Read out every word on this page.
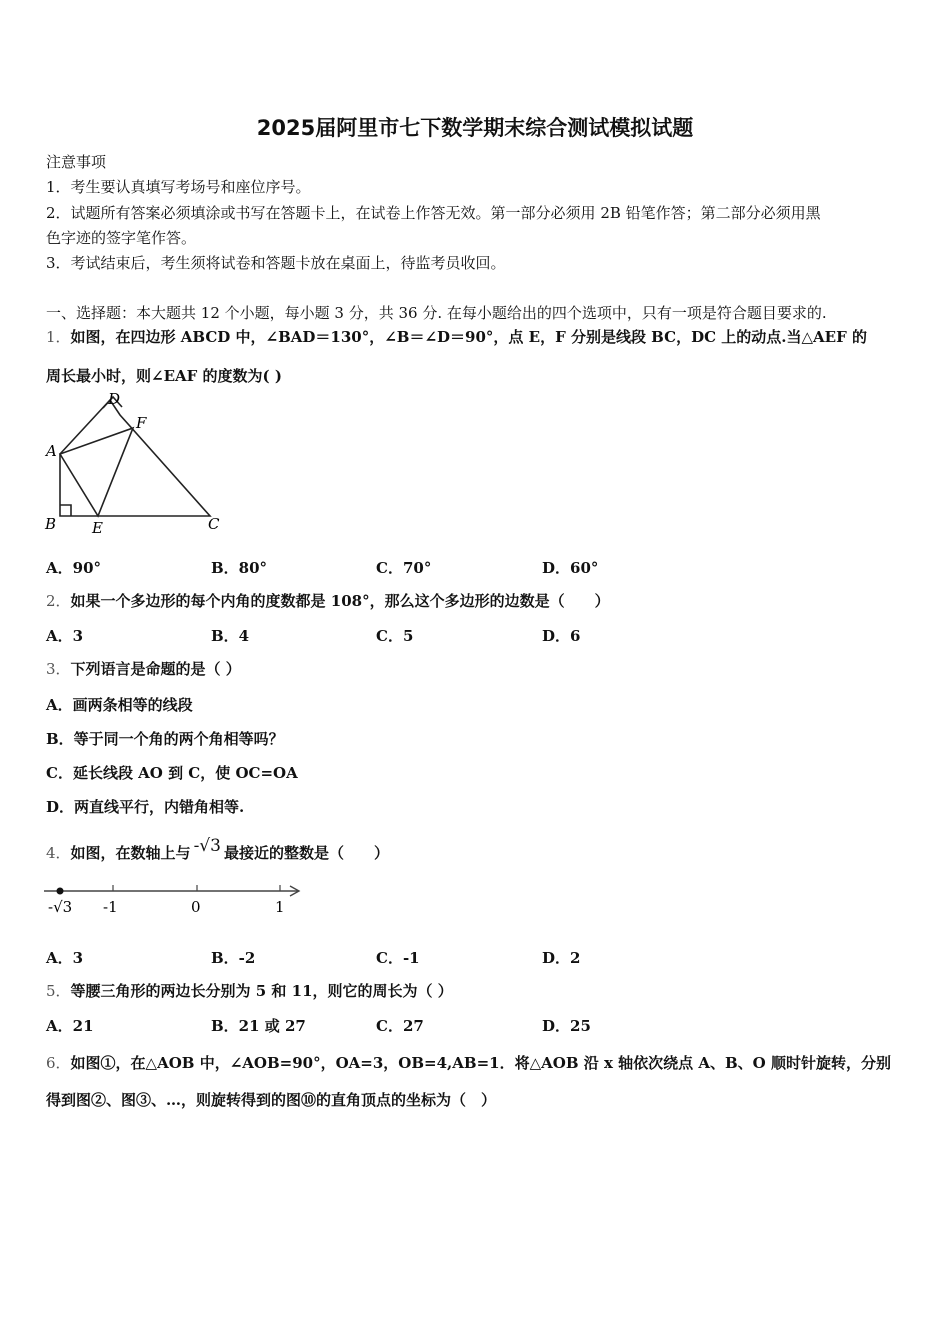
2025届阿里市七下数学期末综合测试模拟试题
注意事项
1．考生要认真填写考场号和座位序号。
2．试题所有答案必须填涂或书写在答题卡上，在试卷上作答无效。第一部分必须用 2B 铅笔作答；第二部分必须用黑
色字迹的签字笔作答。
3．考试结束后，考生须将试卷和答题卡放在桌面上，待监考员收回。
一、选择题：本大题共 12 个小题，每小题 3 分，共 36 分. 在每小题给出的四个选项中，只有一项是符合题目要求的.
1．如图，在四边形 ABCD 中，∠BAD＝130°，∠B＝∠D＝90°，点 E，F 分别是线段 BC，DC 上的动点.当△AEF 的
周长最小时，则∠EAF 的度数为( )
D
F
A
B E	C
A．90°	B．80°	C．70°	D．60°
2．如果一个多边形的每个内角的度数都是 108°，那么这个多边形的边数是（　　）
A．3	B．4	C．5	D．6
3．下列语言是命题的是（ ）
A．画两条相等的线段
B．等于同一个角的两个角相等吗？
C．延长线段 AO 到 C，使 OC=OA
D．两直线平行，内错角相等.
4．如图，在数轴上与 -√3 最接近的整数是（　　）
-√3 -1	0	1
A．3	B．-2	C．-1	D．2
5．等腰三角形的两边长分别为 5 和 11，则它的周长为（ ）
A．21	B．21 或 27	C．27	D．25
6．如图①，在△AOB 中，∠AOB=90°，OA=3，OB=4,AB=1．将△AOB 沿 x 轴依次绕点 A、B、O 顺时针旋转，分别
得到图②、图③、…，则旋转得到的图⑩的直角顶点的坐标为（　）
